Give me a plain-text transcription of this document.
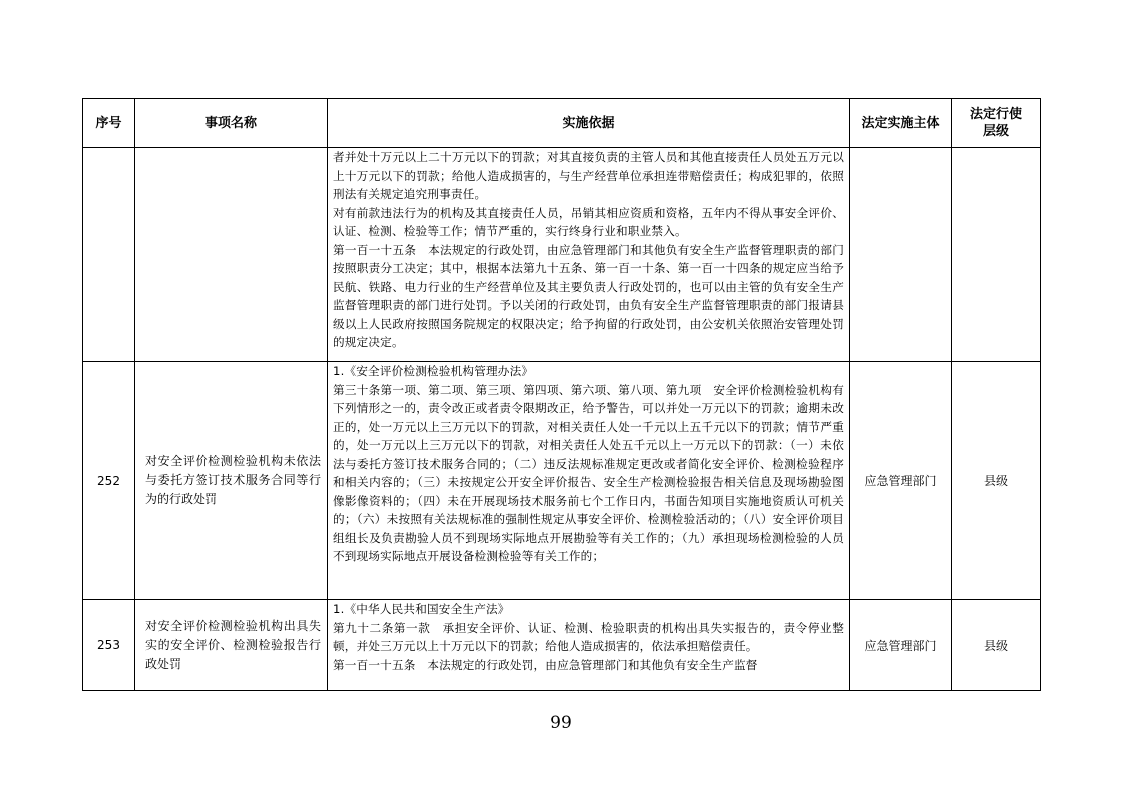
序号	事项名称	实施依据	法定实施主体	法定行使层级

		者并处十万元以上二十万元以下的罚款；对其直接负责的主管人员和其他直接责任人员处五万元以上十万元以下的罚款；给他人造成损害的，与生产经营单位承担连带赔偿责任；构成犯罪的，依照刑法有关规定追究刑事责任。

对有前款违法行为的机构及其直接责任人员，吊销其相应资质和资格，五年内不得从事安全评价、认证、检测、检验等工作；情节严重的，实行终身行业和职业禁入。

第一百一十五条　本法规定的行政处罚，由应急管理部门和其他负有安全生产监督管理职责的部门按照职责分工决定；其中，根据本法第九十五条、第一百一十条、第一百一十四条的规定应当给予民航、铁路、电力行业的生产经营单位及其主要负责人行政处罚的，也可以由主管的负有安全生产监督管理职责的部门进行处罚。予以关闭的行政处罚，由负有安全生产监督管理职责的部门报请县级以上人民政府按照国务院规定的权限决定；给予拘留的行政处罚，由公安机关依照治安管理处罚的规定决定。		

252	对安全评价检测检验机构未依法与委托方签订技术服务合同等行为的行政处罚	1.《安全评价检测检验机构管理办法》

第三十条第一项、第二项、第三项、第四项、第六项、第八项、第九项　安全评价检测检验机构有下列情形之一的，责令改正或者责令限期改正，给予警告，可以并处一万元以下的罚款；逾期未改正的，处一万元以上三万元以下的罚款，对相关责任人处一千元以上五千元以下的罚款；情节严重的，处一万元以上三万元以下的罚款，对相关责任人处五千元以上一万元以下的罚款：（一）未依法与委托方签订技术服务合同的；（二）违反法规标准规定更改或者简化安全评价、检测检验程序和相关内容的；（三）未按规定公开安全评价报告、安全生产检测检验报告相关信息及现场勘验图像影像资料的；（四）未在开展现场技术服务前七个工作日内，书面告知项目实施地资质认可机关的；（六）未按照有关法规标准的强制性规定从事安全评价、检测检验活动的；（八）安全评价项目组组长及负责勘验人员不到现场实际地点开展勘验等有关工作的；（九）承担现场检测检验的人员不到现场实际地点开展设备检测检验等有关工作的；	应急管理部门	县级
253	对安全评价检测检验机构出具失实的安全评价、检测检验报告行政处罚	1.《中华人民共和国安全生产法》

第九十二条第一款　承担安全评价、认证、检测、检验职责的机构出具失实报告的，责令停业整顿，并处三万元以上十万元以下的罚款；给他人造成损害的，依法承担赔偿责任。

第一百一十五条　本法规定的行政处罚，由应急管理部门和其他负有安全生产监督	应急管理部门	县级
99
